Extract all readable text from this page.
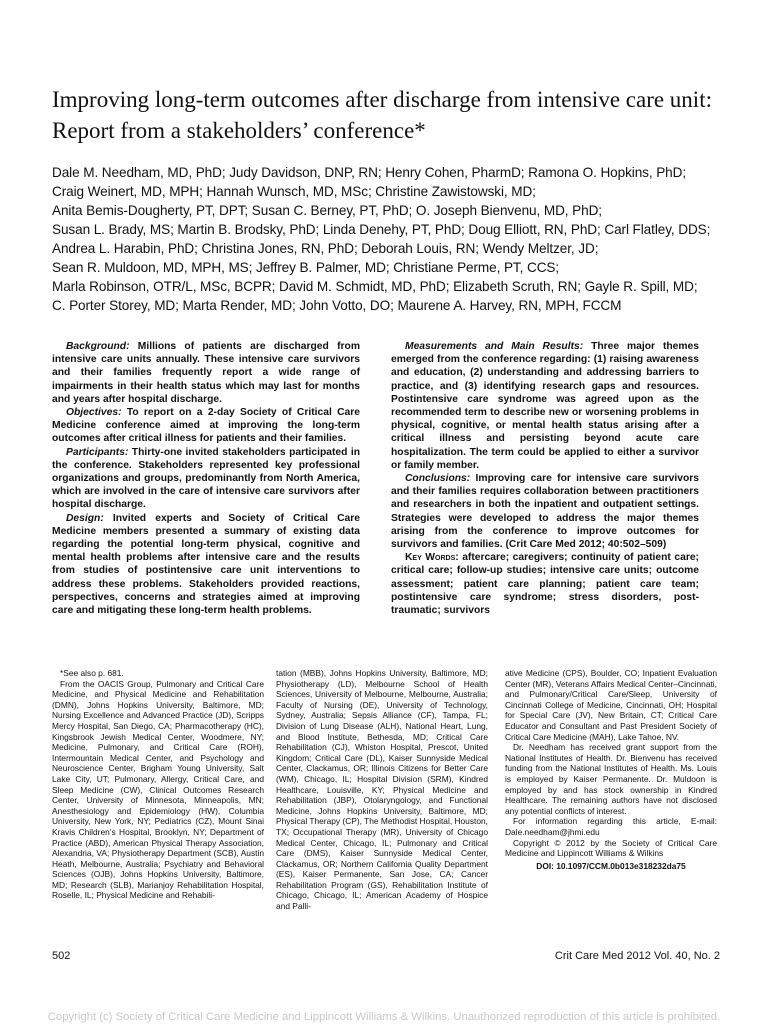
Improving long-term outcomes after discharge from intensive care unit: Report from a stakeholders’ conference*
Dale M. Needham, MD, PhD; Judy Davidson, DNP, RN; Henry Cohen, PharmD; Ramona O. Hopkins, PhD;
Craig Weinert, MD, MPH; Hannah Wunsch, MD, MSc; Christine Zawistowski, MD;
Anita Bemis-Dougherty, PT, DPT; Susan C. Berney, PT, PhD; O. Joseph Bienvenu, MD, PhD;
Susan L. Brady, MS; Martin B. Brodsky, PhD; Linda Denehy, PT, PhD; Doug Elliott, RN, PhD; Carl Flatley, DDS;
Andrea L. Harabin, PhD; Christina Jones, RN, PhD; Deborah Louis, RN; Wendy Meltzer, JD;
Sean R. Muldoon, MD, MPH, MS; Jeffrey B. Palmer, MD; Christiane Perme, PT, CCS;
Marla Robinson, OTR/L, MSc, BCPR; David M. Schmidt, MD, PhD; Elizabeth Scruth, RN; Gayle R. Spill, MD;
C. Porter Storey, MD; Marta Render, MD; John Votto, DO; Maurene A. Harvey, RN, MPH, FCCM

Background: Millions of patients are discharged from intensive care units annually. These intensive care survivors and their families frequently report a wide range of impairments in their health status which may last for months and years after hospital discharge.

Objectives: To report on a 2-day Society of Critical Care Medicine conference aimed at improving the long-term outcomes after critical illness for patients and their families.

Participants: Thirty-one invited stakeholders participated in the conference. Stakeholders represented key professional organizations and groups, predominantly from North America, which are involved in the care of intensive care survivors after hospital discharge.

Design: Invited experts and Society of Critical Care Medicine members presented a summary of existing data regarding the potential long-term physical, cognitive and mental health problems after intensive care and the results from studies of postintensive care unit interventions to address these problems. Stakeholders provided reactions, perspectives, concerns and strategies aimed at improving care and mitigating these long-term health problems.

Measurements and Main Results: Three major themes emerged from the conference regarding: (1) raising awareness and education, (2) understanding and addressing barriers to practice, and (3) identifying research gaps and resources. Postintensive care syndrome was agreed upon as the recommended term to describe new or worsening problems in physical, cognitive, or mental health status arising after a critical illness and persisting beyond acute care hospitalization. The term could be applied to either a survivor or family member.

Conclusions: Improving care for intensive care survivors and their families requires collaboration between practitioners and researchers in both the inpatient and outpatient settings. Strategies were developed to address the major themes arising from the conference to improve outcomes for survivors and families. (Crit Care Med 2012; 40:502–509)

Key Words: aftercare; caregivers; continuity of patient care; critical care; follow-up studies; intensive care units; outcome assessment; patient care planning; patient care team; postintensive care syndrome; stress disorders, post-traumatic; survivors

*See also p. 681.

From the OACIS Group, Pulmonary and Critical Care Medicine, and Physical Medicine and Rehabilitation (DMN), Johns Hopkins University, Baltimore, MD; Nursing Excellence and Advanced Practice (JD), Scripps Mercy Hospital, San Diego, CA; Pharmacotherapy (HC), Kingsbrook Jewish Medical Center, Woodmere, NY; Medicine, Pulmonary, and Critical Care (ROH), Intermountain Medical Center, and Psychology and Neuroscience Center, Brigham Young University, Salt Lake City, UT; Pulmonary, Allergy, Critical Care, and Sleep Medicine (CW), Clinical Outcomes Research Center, University of Minnesota, Minneapolis, MN; Anesthesiology and Epidemiology (HW), Columbia University, New York, NY; Pediatrics (CZ), Mount Sinai Kravis Children’s Hospital, Brooklyn, NY; Department of Practice (ABD), American Physical Therapy Association, Alexandria, VA; Physiotherapy Department (SCB), Austin Heath, Melbourne, Australia; Psychiatry and Behavioral Sciences (OJB), Johns Hopkins University, Baltimore, MD; Research (SLB), Marianjoy Rehabilitation Hospital, Roselle, IL; Physical Medicine and Rehabili-

tation (MBB), Johns Hopkins University, Baltimore, MD; Physiotherapy (LD), Melbourne School of Health Sciences, University of Melbourne, Melbourne, Australia; Faculty of Nursing (DE), University of Technology, Sydney, Australia; Sepsis Alliance (CF), Tampa, FL; Division of Lung Disease (ALH), National Heart, Lung, and Blood Institute, Bethesda, MD; Critical Care Rehabilitation (CJ), Whiston Hospital, Prescot, United Kingdom; Critical Care (DL), Kaiser Sunnyside Medical Center, Clackamus, OR; Illinois Citizens for Better Care (WM), Chicago, IL; Hospital Division (SRM), Kindred Healthcare, Louisville, KY; Physical Medicine and Rehabilitation (JBP), Otolaryngology, and Functional Medicine, Johns Hopkins University, Baltimore, MD; Physical Therapy (CP), The Methodist Hospital, Houston, TX; Occupational Therapy (MR), University of Chicago Medical Center, Chicago, IL; Pulmonary and Critical Care (DMS), Kaiser Sunnyside Medical Center, Clackamus, OR; Northern California Quality Department (ES), Kaiser Permanente, San Jose, CA; Cancer Rehabilitation Program (GS), Rehabilitation Institute of Chicago, Chicago, IL; American Academy of Hospice and Palli-

ative Medicine (CPS), Boulder, CO; Inpatient Evaluation Center (MR), Veterans Affairs Medical Center–Cincinnati, and Pulmonary/Critical Care/Sleep, University of Cincinnati College of Medicine, Cincinnati, OH; Hospital for Special Care (JV), New Britain, CT; Critical Care Educator and Consultant and Past President Society of Critical Care Medicine (MAH), Lake Tahoe, NV.

Dr. Needham has received grant support from the National Institutes of Health. Dr. Bienvenu has received funding from the National Institutes of Health. Ms. Louis is employed by Kaiser Permanente. Dr. Muldoon is employed by and has stock ownership in Kindred Healthcare. The remaining authors have not disclosed any potential conflicts of interest.

For information regarding this article, E-mail: Dale.needham@jhmi.edu

Copyright © 2012 by the Society of Critical Care Medicine and Lippincott Williams & Wilkins

DOI: 10.1097/CCM.0b013e318232da75
502	Crit Care Med 2012 Vol. 40, No. 2
Copyright (c) Society of Critical Care Medicine and Lippincott Williams & Wilkins. Unauthorized reproduction of this article is prohibited.
